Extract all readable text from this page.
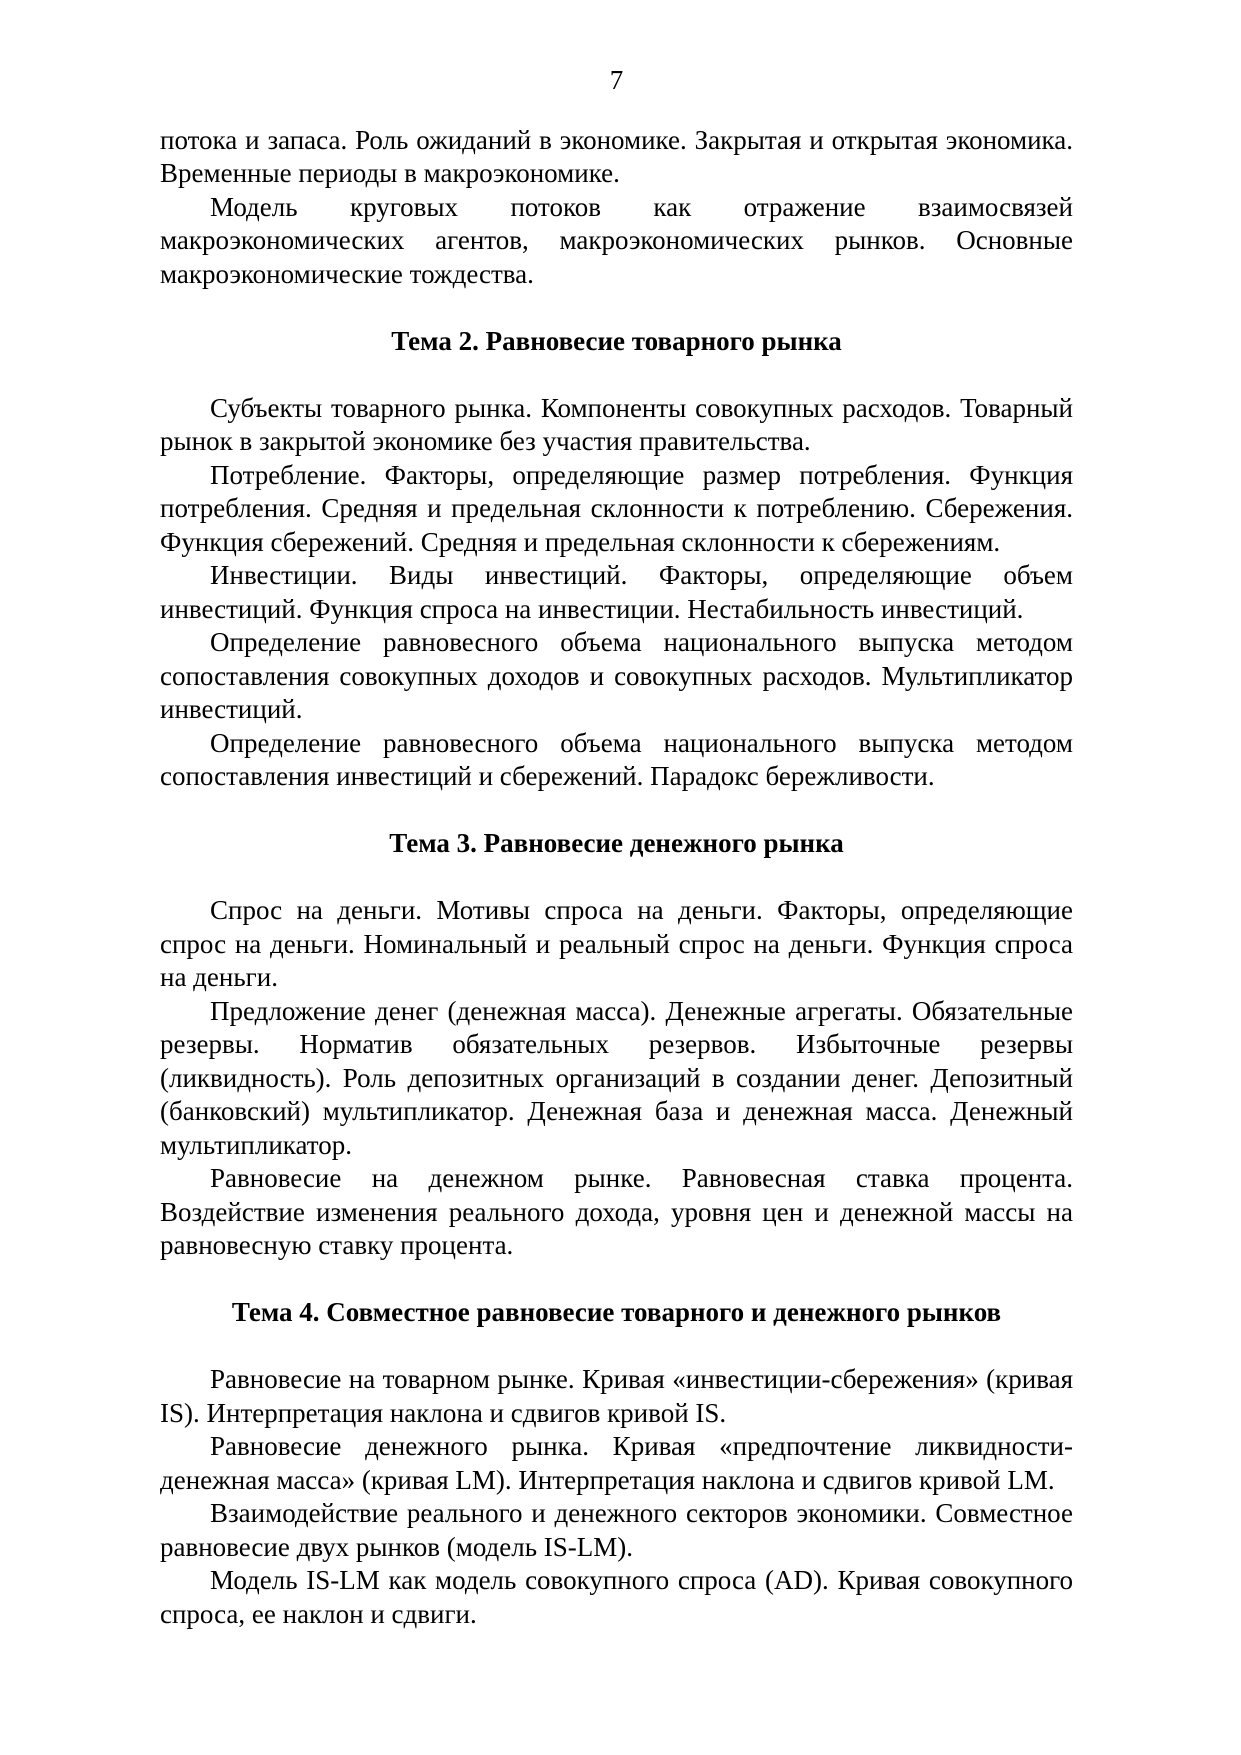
7

потока и запаса. Роль ожиданий в экономике. Закрытая и открытая экономика. Временные периоды в макроэкономике.

Модель круговых потоков как отражение взаимосвязей макроэкономических агентов, макроэкономических рынков. Основные макроэкономические тождества.

Тема 2. Равновесие товарного рынка

Субъекты товарного рынка. Компоненты совокупных расходов. Товарный рынок в закрытой экономике без участия правительства.

Потребление. Факторы, определяющие размер потребления. Функция потребления. Средняя и предельная склонности к потреблению. Сбережения. Функция сбережений. Средняя и предельная склонности к сбережениям.

Инвестиции. Виды инвестиций. Факторы, определяющие объем инвестиций. Функция спроса на инвестиции. Нестабильность инвестиций.

Определение равновесного объема национального выпуска методом сопоставления совокупных доходов и совокупных расходов. Мультипликатор инвестиций.

Определение равновесного объема национального выпуска методом сопоставления инвестиций и сбережений. Парадокс бережливости.

Тема 3. Равновесие денежного рынка

Спрос на деньги. Мотивы спроса на деньги. Факторы, определяющие спрос на деньги. Номинальный и реальный спрос на деньги. Функция спроса на деньги.

Предложение денег (денежная масса). Денежные агрегаты. Обязательные резервы. Норматив обязательных резервов. Избыточные резервы (ликвидность). Роль депозитных организаций в создании денег. Депозитный (банковский) мультипликатор. Денежная база и денежная масса. Денежный мультипликатор.

Равновесие на денежном рынке. Равновесная ставка процента. Воздействие изменения реального дохода, уровня цен и денежной массы на равновесную ставку процента.

Тема 4. Совместное равновесие товарного и денежного рынков

Равновесие на товарном рынке. Кривая «инвестиции-сбережения» (кривая IS). Интерпретация наклона и сдвигов кривой IS.

Равновесие денежного рынка. Кривая «предпочтение ликвидности-денежная масса» (кривая LM). Интерпретация наклона и сдвигов кривой LM.

Взаимодействие реального и денежного секторов экономики. Совместное равновесие двух рынков (модель IS-LM).

Модель IS-LM как модель совокупного спроса (AD). Кривая совокупного спроса, ее наклон и сдвиги.
